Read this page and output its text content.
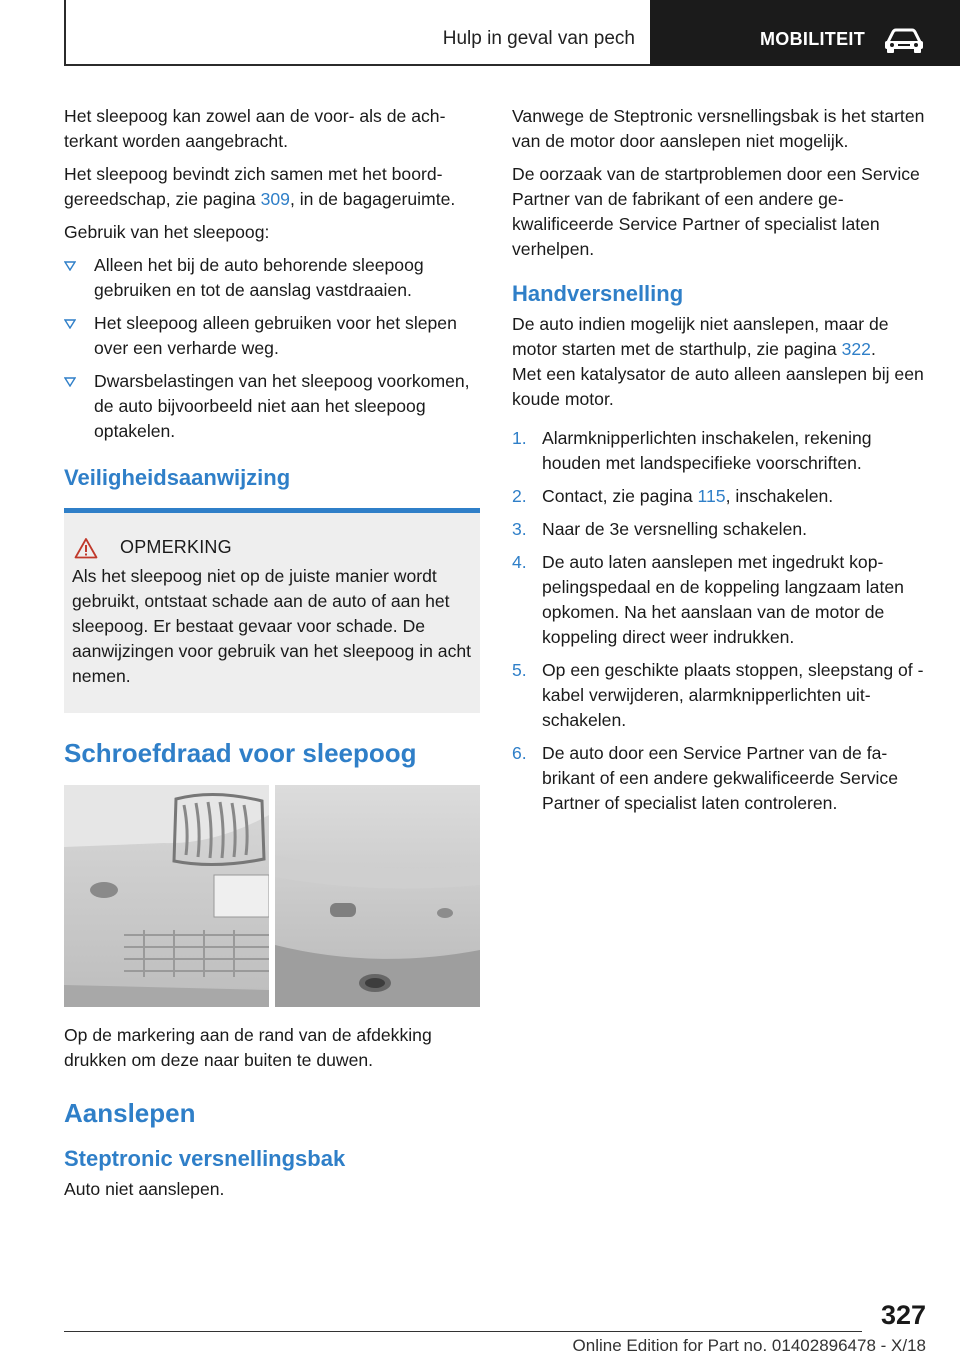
Hulp in geval van pech	MOBILITEIT

Het sleepoog kan zowel aan de voor- als de achterkant worden aangebracht.

Het sleepoog bevindt zich samen met het boordgereedschap, zie pagina 309, in de bagageruimte.

Gebruik van het sleepoog:

Alleen het bij de auto behorende sleepoog gebruiken en tot de aanslag vastdraaien.
Het sleepoog alleen gebruiken voor het slepen over een verharde weg.
Dwarsbelastingen van het sleepoog voorkomen, de auto bijvoorbeeld niet aan het sleepoog optakelen.
Veiligheidsaanwijzing
OPMERKING
Als het sleepoog niet op de juiste manier wordt gebruikt, ontstaat schade aan de auto of aan het sleepoog. Er bestaat gevaar voor schade. De aanwijzingen voor gebruik van het sleepoog in acht nemen.
Schroefdraad voor sleepoog

Op de markering aan de rand van de afdekking drukken om deze naar buiten te duwen.

Aanslepen
Steptronic versnellingsbak

Auto niet aanslepen.

Vanwege de Steptronic versnellingsbak is het starten van de motor door aanslepen niet mogelijk.

De oorzaak van de startproblemen door een Service Partner van de fabrikant of een andere gekwalificeerde Service Partner of specialist laten verhelpen.

Handversnelling

De auto indien mogelijk niet aanslepen, maar de motor starten met de starthulp, zie pagina 322.
Met een katalysator de auto alleen aanslepen bij een koude motor.

1. Alarmknipperlichten inschakelen, rekening houden met landspecifieke voorschriften.
2. Contact, zie pagina 115, inschakelen.
3. Naar de 3e versnelling schakelen.
4. De auto laten aanslepen met ingedrukt koppelingspedaal en de koppeling langzaam laten opkomen. Na het aanslaan van de motor de koppeling direct weer indrukken.
5. Op een geschikte plaats stoppen, sleepstang of -kabel verwijderen, alarmknipperlichten uitschakelen.
6. De auto door een Service Partner van de fabrikant of een andere gekwalificeerde Service Partner of specialist laten controleren.
327
Online Edition for Part no. 01402896478 - X/18
